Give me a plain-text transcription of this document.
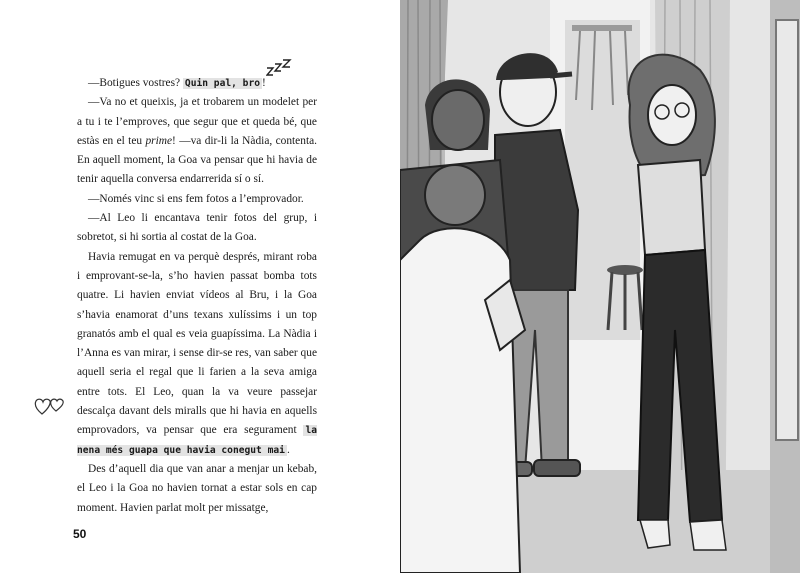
—Botigues vostres? Quin pal, bro !

—Va no et queixis, ja et trobarem un modelet per a tu i te l’emproves, que segur que et queda bé, que estàs en el teu prime! —va dir-li la Nàdia, contenta. En aquell moment, la Goa va pensar que hi havia de tenir aquella conversa endarrerida sí o sí.

—Només vinc si ens fem fotos a l’emprovador.

—Al Leo li encantava tenir fotos del grup, i sobretot, si hi sortia al costat de la Goa.

Havia remugat en va perquè després, mirant roba i emprovant-se-la, s’ho havien passat bomba tots quatre. Li havien enviat vídeos al Bru, i la Goa s’havia enamorat d’uns texans xulíssims i un top granatós amb el qual es veia guapíssima. La Nàdia i l’Anna es van mirar, i sense dir-se res, van saber que aquell seria el regal que li farien a la seva amiga entre tots. El Leo, quan la va veure passejar descalça davant dels miralls que hi havia en aquells emprovadors, va pensar que era segurament la nena més guapa que havia conegut mai .

Des d’aquell dia que van anar a menjar un kebab, el Leo i la Goa no havien tornat a estar sols en cap moment. Havien parlat molt per missatge,

50
